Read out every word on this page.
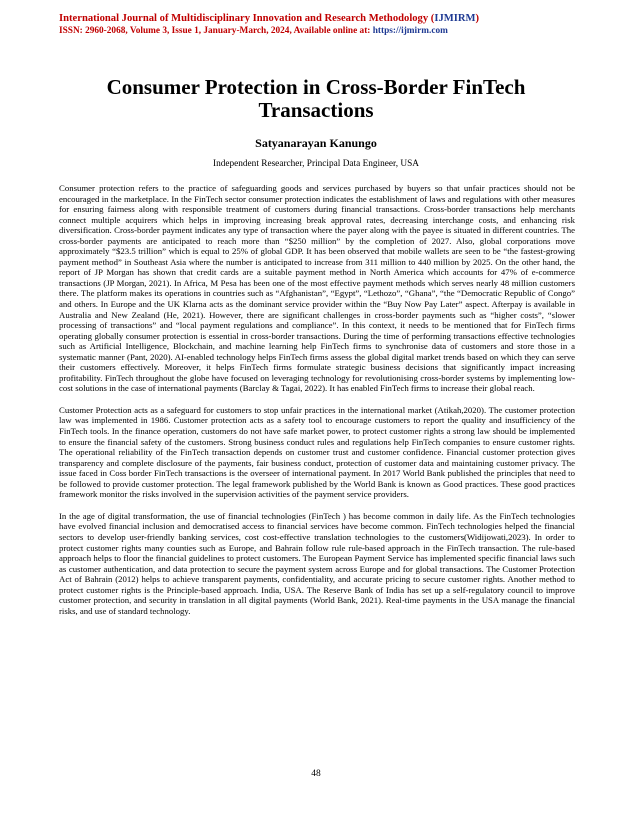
International Journal of Multidisciplinary Innovation and Research Methodology (IJMIRM)
ISSN: 2960-2068, Volume 3, Issue 1, January-March, 2024, Available online at: https://ijmirm.com
Consumer Protection in Cross-Border FinTech Transactions
Satyanarayan Kanungo
Independent Researcher, Principal Data Engineer, USA

Consumer protection refers to the practice of safeguarding goods and services purchased by buyers so that unfair practices should not be encouraged in the marketplace. In the FinTech sector consumer protection indicates the establishment of laws and regulations with other measures for ensuring fairness along with responsible treatment of customers during financial transactions. Cross-border transactions help merchants connect multiple acquirers which helps in improving increasing break approval rates, decreasing interchange costs, and enhancing risk diversification. Cross-border payment indicates any type of transaction where the payer along with the payee is situated in different countries. The cross-border payments are anticipated to reach more than “$250 million” by the completion of 2027. Also, global corporations move approximately “$23.5 trillion” which is equal to 25% of global GDP. It has been observed that mobile wallets are seen to be “the fastest-growing payment method” in Southeast Asia where the number is anticipated to increase from 311 million to 440 million by 2025. On the other hand, the report of JP Morgan has shown that credit cards are a suitable payment method in North America which accounts for 47% of e-commerce transactions (JP Morgan, 2021). In Africa, M Pesa has been one of the most effective payment methods which serves nearly 48 million customers there. The platform makes its operations in countries such as “Afghanistan”, “Egypt”, “Lethozo”, “Ghana”, “the “Democratic Republic of Congo” and others. In Europe and the UK Klarna acts as the dominant service provider within the “Buy Now Pay Later” aspect. Afterpay is available in Australia and New Zealand (He, 2021). However, there are significant challenges in cross-border payments such as “higher costs”, “slower processing of transactions” and “local payment regulations and compliance”. In this context, it needs to be mentioned that for FinTech firms operating globally consumer protection is essential in cross-border transactions. During the time of performing transactions effective technologies such as Artificial Intelligence, Blockchain, and machine learning help FinTech firms to synchronise data of customers and store those in a systematic manner (Pant, 2020). AI-enabled technology helps FinTech firms assess the global digital market trends based on which they can serve their customers effectively. Moreover, it helps FinTech firms formulate strategic business decisions that significantly impact increasing profitability. FinTech throughout the globe have focused on leveraging technology for revolutionising cross-border systems by implementing low-cost solutions in the case of international payments (Barclay & Tagai, 2022). It has enabled FinTech firms to increase their global reach.

Customer Protection acts as a safeguard for customers to stop unfair practices in the international market (Atikah,2020). The customer protection law was implemented in 1986. Customer protection acts as a safety tool to encourage customers to report the quality and insufficiency of the FinTech tools. In the finance operation, customers do not have safe market power, to protect customer rights a strong law should be implemented to ensure the financial safety of the customers. Strong business conduct rules and regulations help FinTech companies to ensure customer rights. The operational reliability of the FinTech transaction depends on customer trust and customer confidence. Financial customer protection gives transparency and complete disclosure of the payments, fair business conduct, protection of customer data and maintaining customer privacy. The issue faced in Coss border FinTech transactions is the overseer of international payment. In 2017 World Bank published the principles that need to be followed to provide customer protection. The legal framework published by the World Bank is known as Good practices. These good practices framework monitor the risks involved in the supervision activities of the payment service providers.

In the age of digital transformation, the use of financial technologies (FinTech ) has become common in daily life. As the FinTech technologies have evolved financial inclusion and democratised access to financial services have become common. FinTech technologies helped the financial sectors to develop user-friendly banking services, cost cost-effective translation technologies to the customers(Widijowati,2023). In order to protect customer rights many counties such as Europe, and Bahrain follow rule rule-based approach in the FinTech transaction. The rule-based approach helps to floor the financial guidelines to protect customers. The European Payment Service has implemented specific financial laws such as customer authentication, and data protection to secure the payment system across Europe and for global transactions. The Customer Protection Act of Bahrain (2012) helps to achieve transparent payments, confidentiality, and accurate pricing to secure customer rights. Another method to protect customer rights is the Principle-based approach. India, USA. The Reserve Bank of India has set up a self-regulatory council to improve customer protection, and security in translation in all digital payments (World Bank, 2021). Real-time payments in the USA manage the financial risks, and use of standard technology.

48
